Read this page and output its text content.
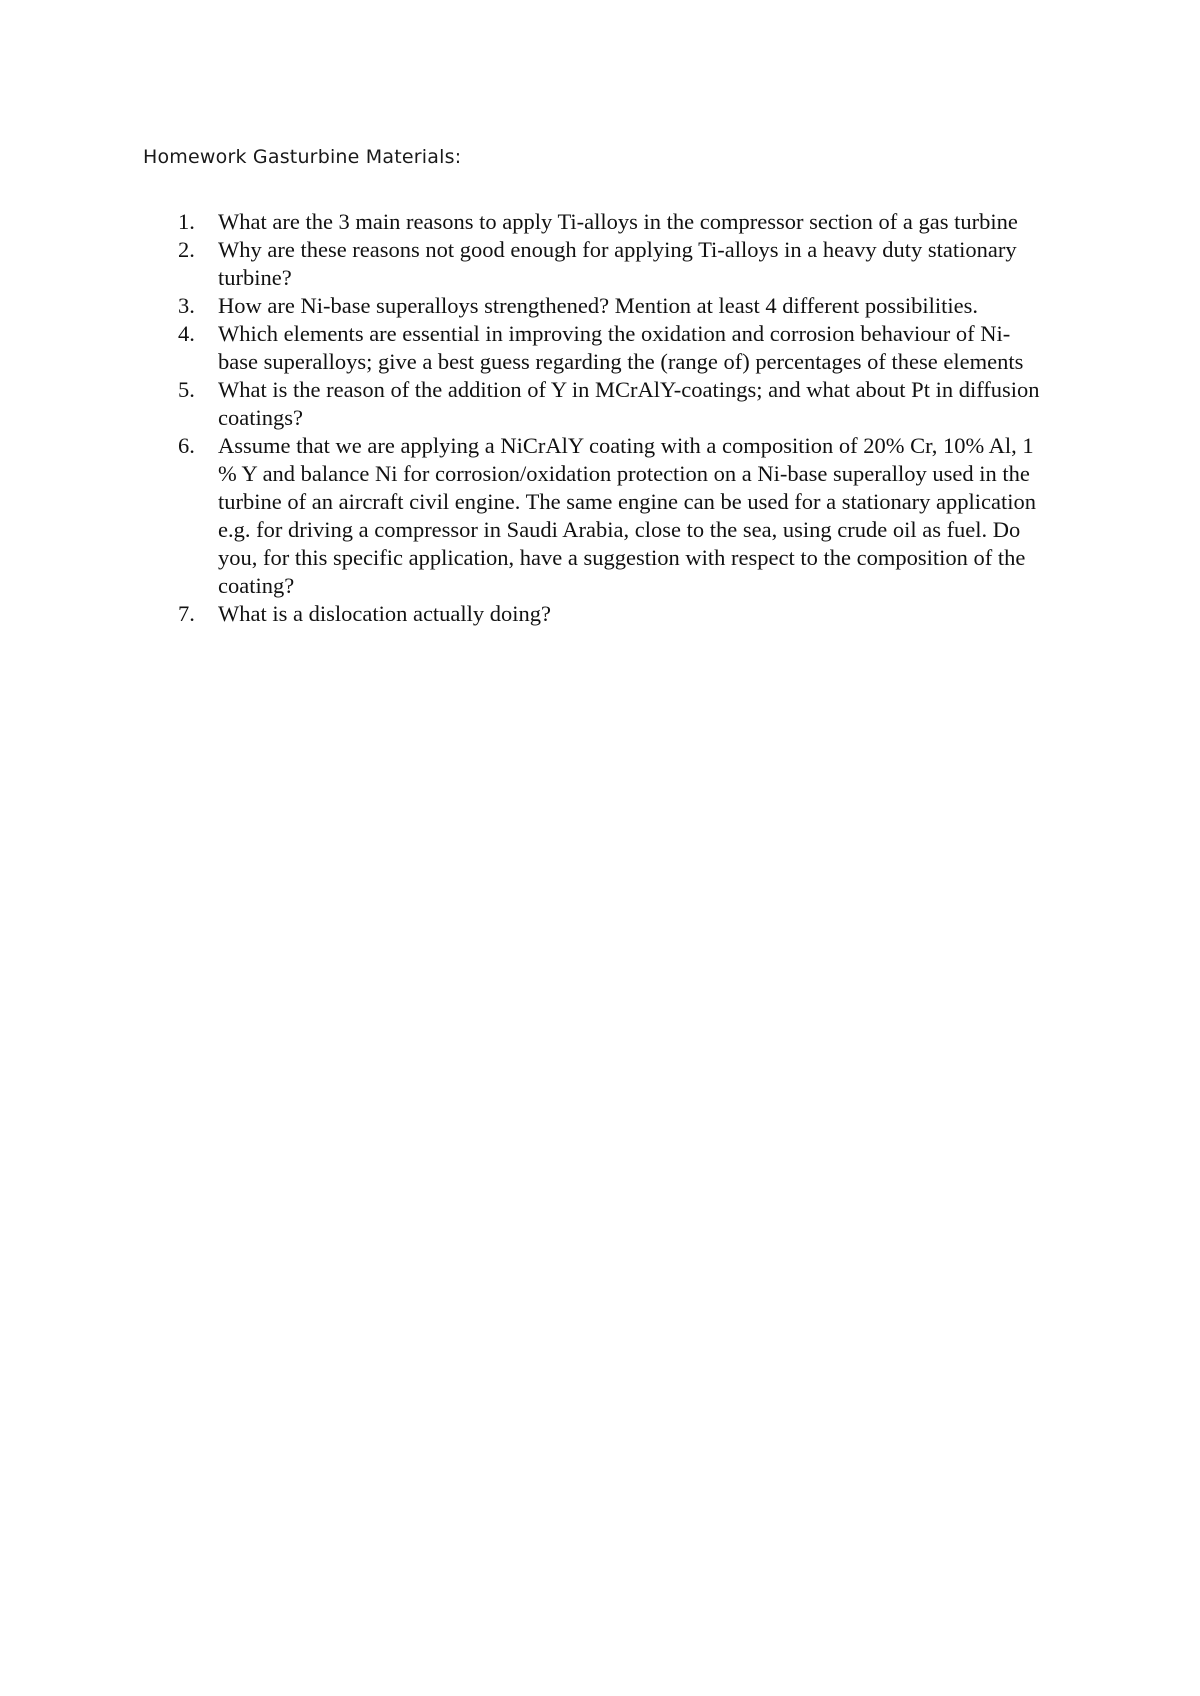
Homework Gasturbine Materials:
1.	What are the 3 main reasons to apply Ti-alloys in the compressor section of a gas turbine
2.	Why are these reasons not good enough for applying Ti-alloys in a heavy duty stationary turbine?
3.	How are Ni-base superalloys strengthened? Mention at least 4 different possibilities.
4.	Which elements are essential in improving the oxidation and corrosion behaviour of Ni-base superalloys; give a best guess regarding the (range of) percentages of these elements
5.	What is the reason of the addition of Y in MCrAlY-coatings; and what about Pt in diffusion coatings?
6.	Assume that we are applying a NiCrAlY coating with a composition of 20% Cr, 10% Al, 1 % Y and balance Ni for corrosion/oxidation protection on a Ni-base superalloy used in the turbine of an aircraft civil engine. The same engine can be used for a stationary application e.g. for driving a compressor in Saudi Arabia, close to the sea, using crude oil as fuel. Do you, for this specific application, have a suggestion with respect to the composition of the coating?
7.	What is a dislocation actually doing?
